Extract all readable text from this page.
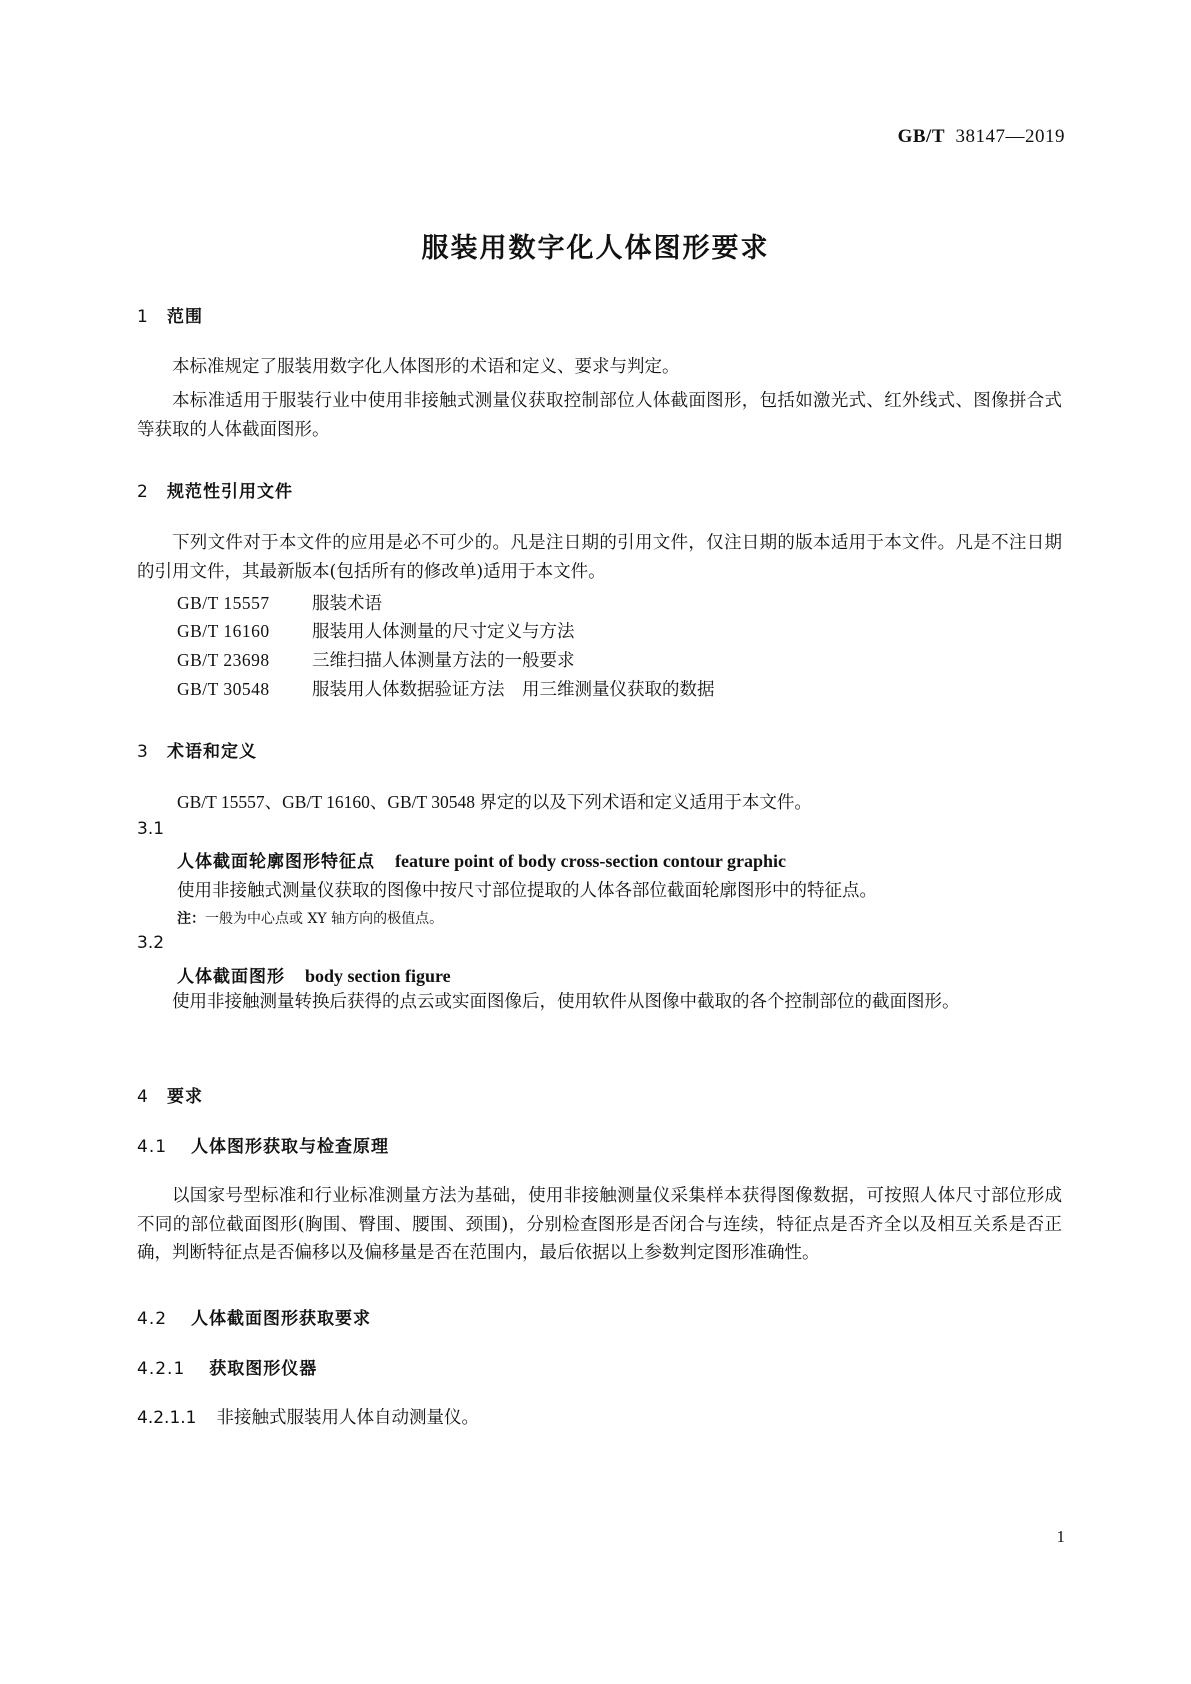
GB/T 38147—2019
服装用数字化人体图形要求
1 范围
本标准规定了服装用数字化人体图形的术语和定义、要求与判定。
本标准适用于服装行业中使用非接触式测量仪获取控制部位人体截面图形，包括如激光式、红外线式、图像拼合式等获取的人体截面图形。
2 规范性引用文件
下列文件对于本文件的应用是必不可少的。凡是注日期的引用文件，仅注日期的版本适用于本文件。凡是不注日期的引用文件，其最新版本(包括所有的修改单)适用于本文件。
GB/T 15557 服装术语
GB/T 16160 服装用人体测量的尺寸定义与方法
GB/T 23698 三维扫描人体测量方法的一般要求
GB/T 30548 服装用人体数据验证方法　用三维测量仪获取的数据
3 术语和定义
GB/T 15557、GB/T 16160、GB/T 30548 界定的以及下列术语和定义适用于本文件。
3.1
人体截面轮廓图形特征点 feature point of body cross-section contour graphic
使用非接触式测量仪获取的图像中按尺寸部位提取的人体各部位截面轮廓图形中的特征点。
注：一般为中心点或 XY 轴方向的极值点。
3.2
人体截面图形 body section figure
使用非接触测量转换后获得的点云或实面图像后，使用软件从图像中截取的各个控制部位的截面图形。
4 要求
4.1 人体图形获取与检查原理
以国家号型标准和行业标准测量方法为基础，使用非接触测量仪采集样本获得图像数据，可按照人体尺寸部位形成不同的部位截面图形(胸围、臀围、腰围、颈围)，分别检查图形是否闭合与连续，特征点是否齐全以及相互关系是否正确，判断特征点是否偏移以及偏移量是否在范围内，最后依据以上参数判定图形准确性。
4.2 人体截面图形获取要求
4.2.1 获取图形仪器
4.2.1.1 非接触式服装用人体自动测量仪。
1
